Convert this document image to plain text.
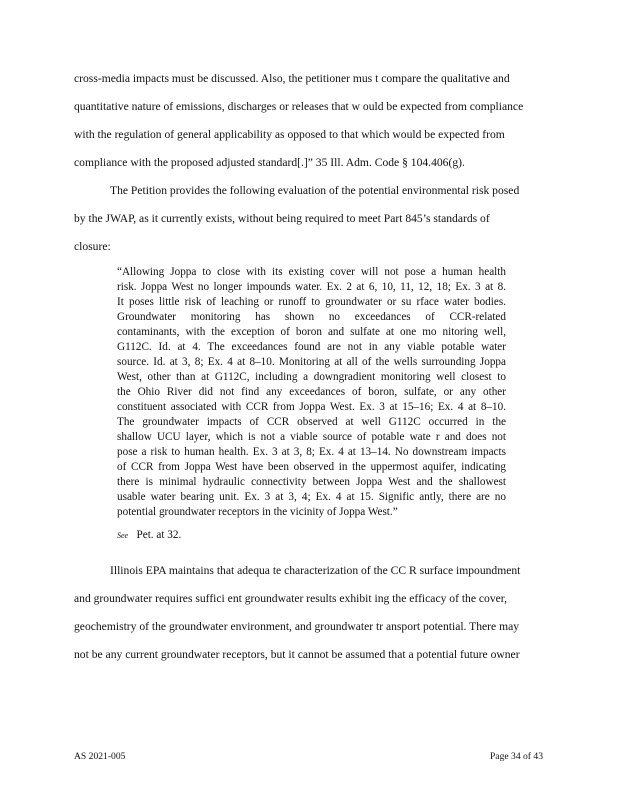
cross-media impacts must be discussed. Also, the petitioner mus t compare the qualitative and
quantitative nature of emissions, discharges or releases that w ould be expected from compliance
with the regulation of general applicability as opposed to that which would be expected from
compliance with the proposed adjusted standard[.]” 35 Ill. Adm. Code § 104.406(g).
The Petition provides the following evaluation of the potential environmental risk posed
by the JWAP, as it currently exists, without being required to meet Part 845’s standards of
closure:
“Allowing Joppa to close with its existing cover will not pose a human health
risk. Joppa West no longer impounds water. Ex. 2 at 6, 10, 11, 12, 18; Ex. 3 at 8.
It poses little risk of leaching or runoff to groundwater or su rface water bodies.
Groundwater monitoring has shown no exceedances of CCR-related
contaminants, with the exception of boron and sulfate at one mo nitoring well,
G112C. Id. at 4. The exceedances found are not in any viable potable water
source. Id. at 3, 8; Ex. 4 at 8–10. Monitoring at all of the wells surrounding Joppa
West, other than at G112C, including a downgradient monitoring well closest to
the Ohio River did not find any exceedances of boron, sulfate, or any other
constituent associated with CCR from Joppa West. Ex. 3 at 15–16; Ex. 4 at 8–10.
The groundwater impacts of CCR observed at well G112C occurred in the
shallow UCU layer, which is not a viable source of potable wate r and does not
pose a risk to human health. Ex. 3 at 3, 8; Ex. 4 at 13–14. No downstream impacts
of CCR from Joppa West have been observed in the uppermost aquifer, indicating
there is minimal hydraulic connectivity between Joppa West and the shallowest
usable water bearing unit. Ex. 3 at 3, 4; Ex. 4 at 15. Signific antly, there are no
potential groundwater receptors in the vicinity of Joppa West.”
See Pet. at 32.
Illinois EPA maintains that adequa te characterization of the CC R surface impoundment
and groundwater requires suffici ent groundwater results exhibit ing the efficacy of the cover,
geochemistry of the groundwater environment, and groundwater tr ansport potential. There may
not be any current groundwater receptors, but it cannot be assumed that a potential future owner
AS 2021-005	Page 34 of 43
